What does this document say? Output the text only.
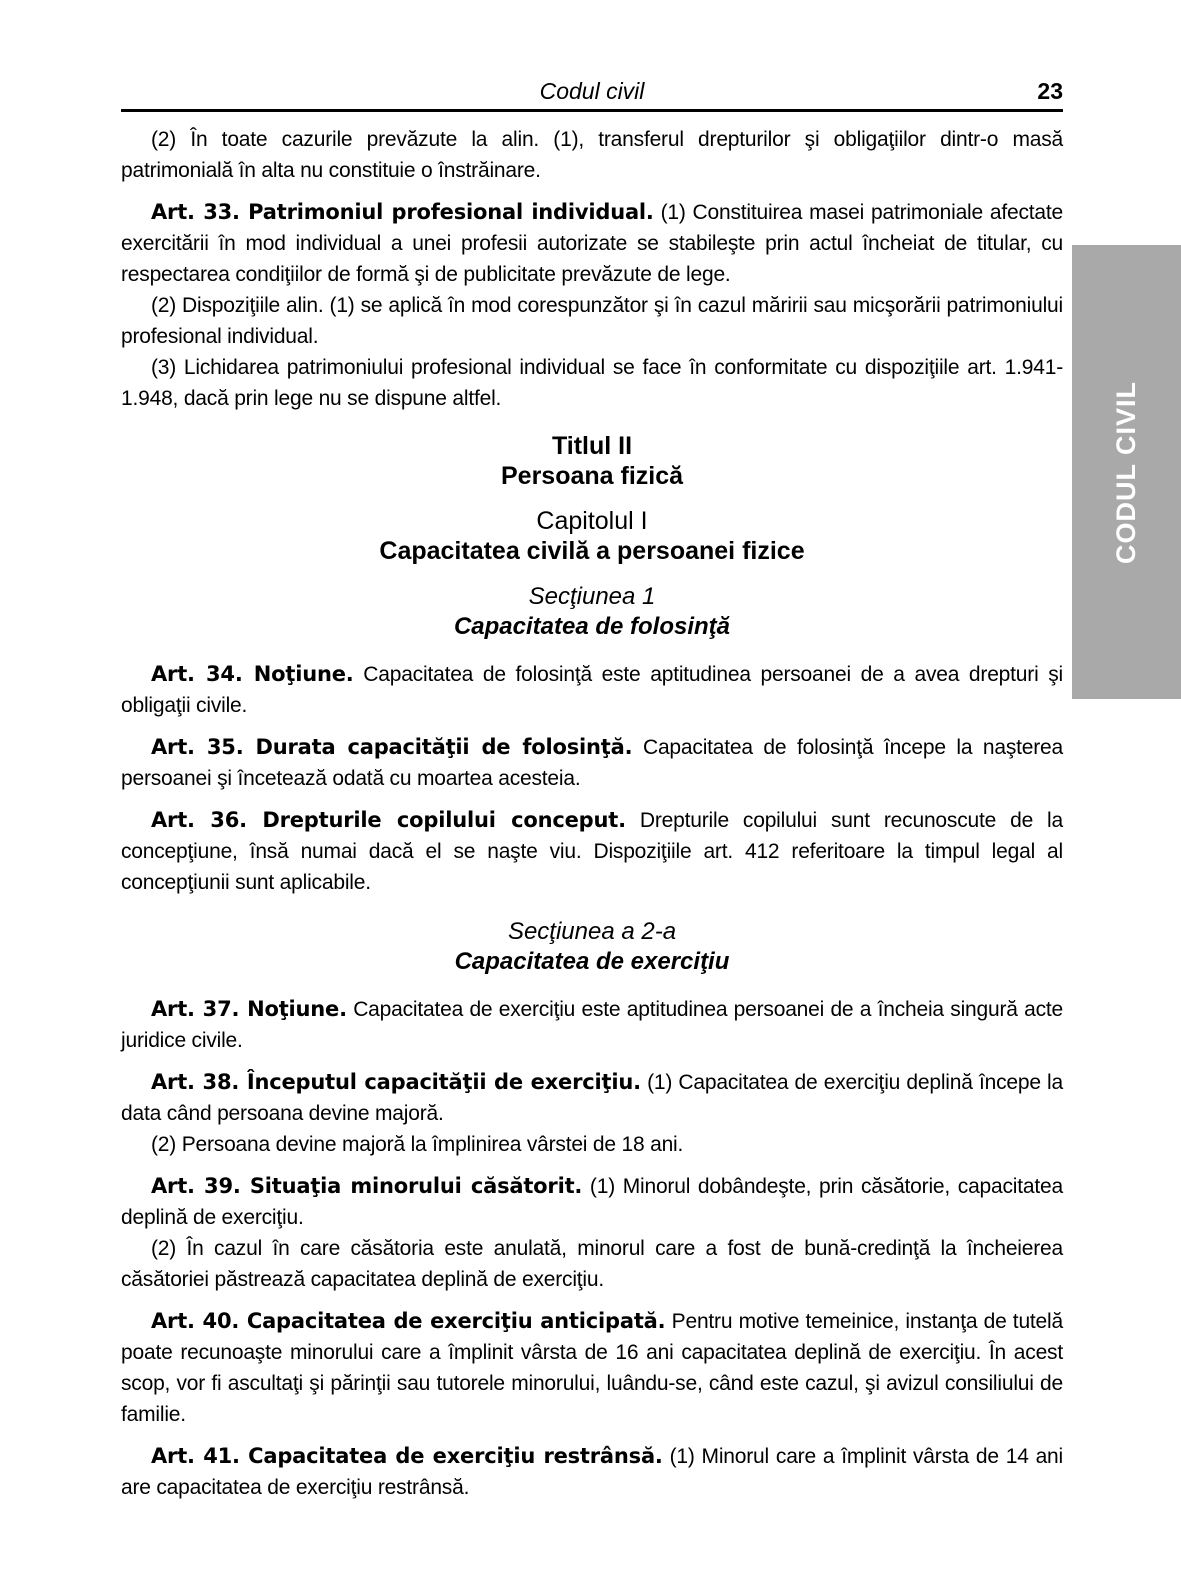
CODUL CIVIL
Codul civil	23

(2) În toate cazurile prevăzute la alin. (1), transferul drepturilor şi obligaţiilor dintr-o masă patrimonială în alta nu constituie o înstrăinare.

Art. 33. Patrimoniul profesional individual. (1) Constituirea masei patrimoniale afectate exercitării în mod individual a unei profesii autorizate se stabileşte prin actul încheiat de titular, cu respectarea condiţiilor de formă şi de publicitate prevăzute de lege.

(2) Dispoziţiile alin. (1) se aplică în mod corespunzător şi în cazul măririi sau micşorării patrimoniului profesional individual.

(3) Lichidarea patrimoniului profesional individual se face în conformitate cu dispoziţiile art. 1.941-1.948, dacă prin lege nu se dispune altfel.

Titlul II
Persoana fizică
Capitolul I
Capacitatea civilă a persoanei fizice
Secţiunea 1
Capacitatea de folosinţă

Art. 34. Noţiune. Capacitatea de folosinţă este aptitudinea persoanei de a avea drepturi şi obligaţii civile.

Art. 35. Durata capacităţii de folosinţă. Capacitatea de folosinţă începe la naşterea persoanei şi încetează odată cu moartea acesteia.

Art. 36. Drepturile copilului conceput. Drepturile copilului sunt recunoscute de la concepţiune, însă numai dacă el se naşte viu. Dispoziţiile art. 412 referitoare la timpul legal al concepţiunii sunt aplicabile.

Secţiunea a 2-a
Capacitatea de exerciţiu

Art. 37. Noţiune. Capacitatea de exerciţiu este aptitudinea persoanei de a încheia singură acte juridice civile.

Art. 38. Începutul capacităţii de exerciţiu. (1) Capacitatea de exerciţiu deplină începe la data când persoana devine majoră.

(2) Persoana devine majoră la împlinirea vârstei de 18 ani.

Art. 39. Situaţia minorului căsătorit. (1) Minorul dobândeşte, prin căsătorie, capacitatea deplină de exerciţiu.

(2) În cazul în care căsătoria este anulată, minorul care a fost de bună-credinţă la încheierea căsătoriei păstrează capacitatea deplină de exerciţiu.

Art. 40. Capacitatea de exerciţiu anticipată. Pentru motive temeinice, instanţa de tutelă poate recunoaşte minorului care a împlinit vârsta de 16 ani capacitatea deplină de exerciţiu. În acest scop, vor fi ascultaţi şi părinţii sau tutorele minorului, luându-se, când este cazul, şi avizul consiliului de familie.

Art. 41. Capacitatea de exerciţiu restrânsă. (1) Minorul care a împlinit vârsta de 14 ani are capacitatea de exerciţiu restrânsă.
